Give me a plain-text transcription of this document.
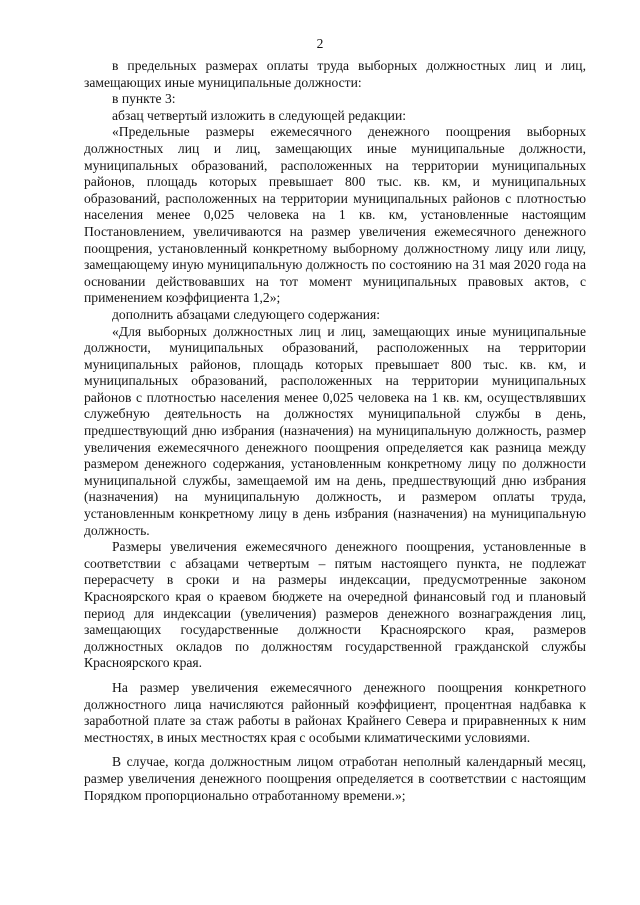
2

в предельных размерах оплаты труда выборных должностных лиц и лиц, замещающих иные муниципальные должности:

в пункте 3:

абзац четвертый изложить в следующей редакции:

«Предельные размеры ежемесячного денежного поощрения выборных должностных лиц и лиц, замещающих иные муниципальные должности, муниципальных образований, расположенных на территории муниципальных районов, площадь которых превышает 800 тыс. кв. км, и муниципальных образований, расположенных на территории муниципальных районов с плотностью населения менее 0,025 человека на 1 кв. км, установленные настоящим Постановлением, увеличиваются на размер увеличения ежемесячного денежного поощрения, установленный конкретному выборному должностному лицу или лицу, замещающему иную муниципальную должность по состоянию на 31 мая 2020 года на основании действовавших на тот момент муниципальных правовых актов, с применением коэффициента 1,2»;

дополнить абзацами следующего содержания:

«Для выборных должностных лиц и лиц, замещающих иные муниципальные должности, муниципальных образований, расположенных на территории муниципальных районов, площадь которых превышает 800 тыс. кв. км, и муниципальных образований, расположенных на территории муниципальных районов с плотностью населения менее 0,025 человека на 1 кв. км, осуществлявших служебную деятельность на должностях муниципальной службы в день, предшествующий дню избрания (назначения) на муниципальную должность, размер увеличения ежемесячного денежного поощрения определяется как разница между размером денежного содержания, установленным конкретному лицу по должности муниципальной службы, замещаемой им на день, предшествующий дню избрания (назначения) на муниципальную должность, и размером оплаты труда, установленным конкретному лицу в день избрания (назначения) на муниципальную должность.

Размеры увеличения ежемесячного денежного поощрения, установленные в соответствии с абзацами четвертым – пятым настоящего пункта, не подлежат перерасчету в сроки и на размеры индексации, предусмотренные законом Красноярского края о краевом бюджете на очередной финансовый год и плановый период для индексации (увеличения) размеров денежного вознаграждения лиц, замещающих государственные должности Красноярского края, размеров должностных окладов по должностям государственной гражданской службы Красноярского края.

На размер увеличения ежемесячного денежного поощрения конкретного должностного лица начисляются районный коэффициент, процентная надбавка к заработной плате за стаж работы в районах Крайнего Севера и приравненных к ним местностях, в иных местностях края с особыми климатическими условиями.

В случае, когда должностным лицом отработан неполный календарный месяц, размер увеличения денежного поощрения определяется в соответствии с настоящим Порядком пропорционально отработанному времени.»;
